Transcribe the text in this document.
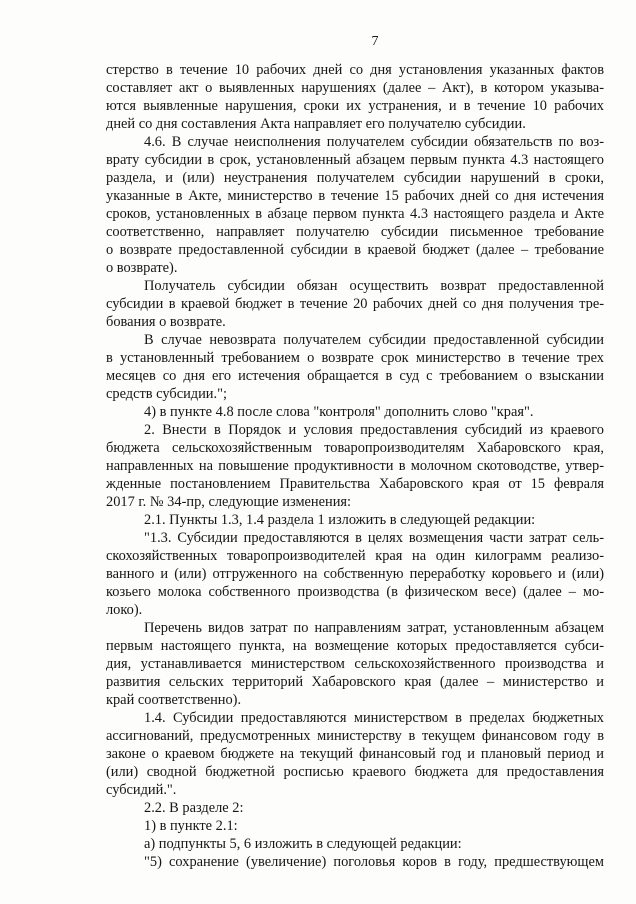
7

стерство в течение 10 рабочих дней со дня установления указанных фактов

составляет акт о выявленных нарушениях (далее – Акт), в котором указыва-

ются выявленные нарушения, сроки их устранения, и в течение 10 рабочих

дней со дня составления Акта направляет его получателю субсидии.

4.6. В случае неисполнения получателем субсидии обязательств по воз-

врату субсидии в срок, установленный абзацем первым пункта 4.3 настоящего

раздела, и (или) неустранения получателем субсидии нарушений в сроки,

указанные в Акте, министерство в течение 15 рабочих дней со дня истечения

сроков, установленных в абзаце первом пункта 4.3 настоящего раздела и Акте

соответственно, направляет получателю субсидии письменное требование

о возврате предоставленной субсидии в краевой бюджет (далее – требование

о возврате).

Получатель субсидии обязан осуществить возврат предоставленной

субсидии в краевой бюджет в течение 20 рабочих дней со дня получения тре-

бования о возврате.

В случае невозврата получателем субсидии предоставленной субсидии

в установленный требованием о возврате срок министерство в течение трех

месяцев со дня его истечения обращается в суд с требованием о взыскании

средств субсидии.";

4) в пункте 4.8 после слова "контроля" дополнить слово "края".

2. Внести в Порядок и условия предоставления субсидий из краевого

бюджета сельскохозяйственным товаропроизводителям Хабаровского края,

направленных на повышение продуктивности в молочном скотоводстве, утвер-

жденные постановлением Правительства Хабаровского края от 15 февраля

2017 г. № 34-пр, следующие изменения:

2.1. Пункты 1.3, 1.4 раздела 1 изложить в следующей редакции:

"1.3. Субсидии предоставляются в целях возмещения части затрат сель-

скохозяйственных товаропроизводителей края на один килограмм реализо-

ванного и (или) отгруженного на собственную переработку коровьего и (или)

козьего молока собственного производства (в физическом весе) (далее – мо-

локо).

Перечень видов затрат по направлениям затрат, установленным абзацем

первым настоящего пункта, на возмещение которых предоставляется субси-

дия, устанавливается министерством сельскохозяйственного производства и

развития сельских территорий Хабаровского края (далее – министерство и

край соответственно).

1.4. Субсидии предоставляются министерством в пределах бюджетных

ассигнований, предусмотренных министерству в текущем финансовом году в

законе о краевом бюджете на текущий финансовый год и плановый период и

(или) сводной бюджетной росписью краевого бюджета для предоставления

субсидий.".

2.2. В разделе 2:

1) в пункте 2.1:

а) подпункты 5, 6 изложить в следующей редакции:

"5) сохранение (увеличение) поголовья коров в году, предшествующем
